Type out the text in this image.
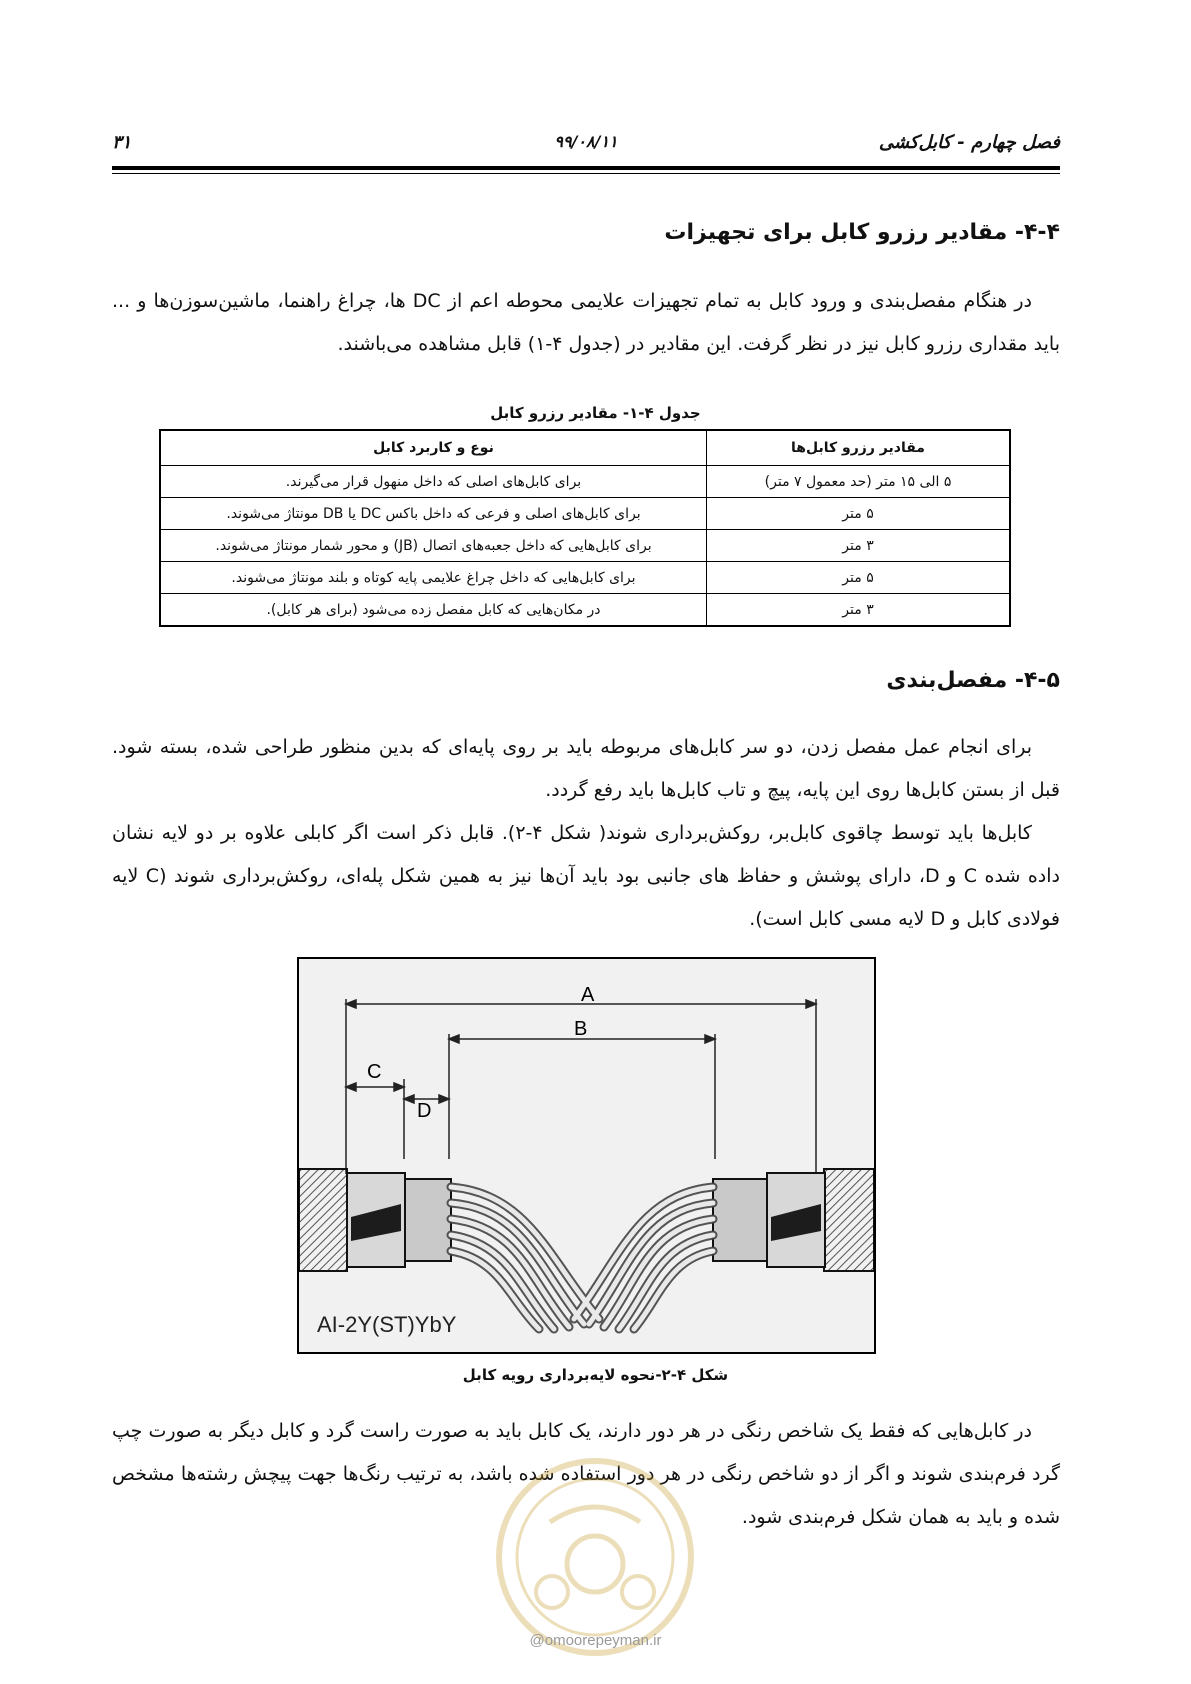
فصل چهارم - کابل‌کشی
۹۹/۰۸/۱۱
۳۱
۴-۴- مقادیر رزرو کابل برای تجهیزات

در هنگام مفصل‌بندی و ورود کابل به تمام تجهیزات علایمی محوطه اعم از DC ها، چراغ راهنما، ماشین‌سوزن‌ها و ... باید مقداری رزرو کابل نیز در نظر گرفت. این مقادیر در (جدول ۴-۱) قابل مشاهده می‌باشند.

جدول ۴-۱- مقادیر رزرو کابل
مقادیر رزرو کابل‌ها	نوع و کاربرد کابل
۵ الی ۱۵ متر (حد معمول ۷ متر)	برای کابل‌های اصلی که داخل منهول قرار می‌گیرند.
۵ متر	برای کابل‌های اصلی و فرعی که داخل باکس DC یا DB مونتاژ می‌شوند.
۳ متر	برای کابل‌هایی که داخل جعبه‌های اتصال (JB) و محور شمار مونتاژ می‌شوند.
۵ متر	برای کابل‌هایی که داخل چراغ علایمی پایه کوتاه و بلند مونتاژ می‌شوند.
۳ متر	در مکان‌هایی که کابل مفصل زده می‌شود (برای هر کابل).
۴-۵- مفصل‌بندی

برای انجام عمل مفصل زدن، دو سر کابل‌های مربوطه باید بر روی پایه‌ای که بدین منظور طراحی شده، بسته شود. قبل از بستن کابل‌ها روی این پایه، پیچ و تاب کابل‌ها باید رفع گردد.

کابل‌ها باید توسط چاقوی کابل‌بر، روکش‌برداری شوند( شکل ۴-۲). قابل ذکر است اگر کابلی علاوه بر دو لایه نشان داده شده C و D، دارای پوشش و حفاظ های جانبی بود باید آن‌ها نیز به همین شکل پله‌ای، روکش‌برداری شوند (C لایه فولادی کابل و D لایه مسی کابل است).

A
B
C
D
AI-2Y(ST)YbY
شکل ۴-۲-نحوه لایه‌برداری رویه کابل

در کابل‌هایی که فقط یک شاخص رنگی در هر دور دارند، یک کابل باید به صورت راست گرد و کابل دیگر به صورت چپ گرد فرم‌بندی شوند و اگر از دو شاخص رنگی در هر دور استفاده شده باشد، به ترتیب رنگ‌ها جهت پیچش رشته‌ها مشخص شده و باید به همان شکل فرم‌بندی شود.

@omoorepeyman.ir
